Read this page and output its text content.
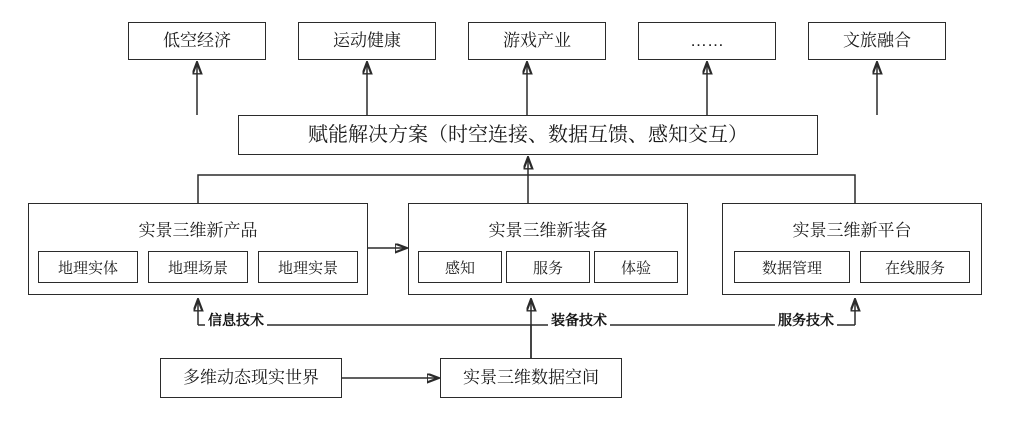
低空经济	运动健康	游戏产业	……	文旅融合
赋能解决方案（时空连接、数据互馈、感知交互）
实景三维新产品
地理实体	地理场景	地理实景
实景三维新装备
感知	服务	体验
实景三维新平台
数据管理	在线服务
信息技术	装备技术	服务技术
多维动态现实世界	实景三维数据空间
